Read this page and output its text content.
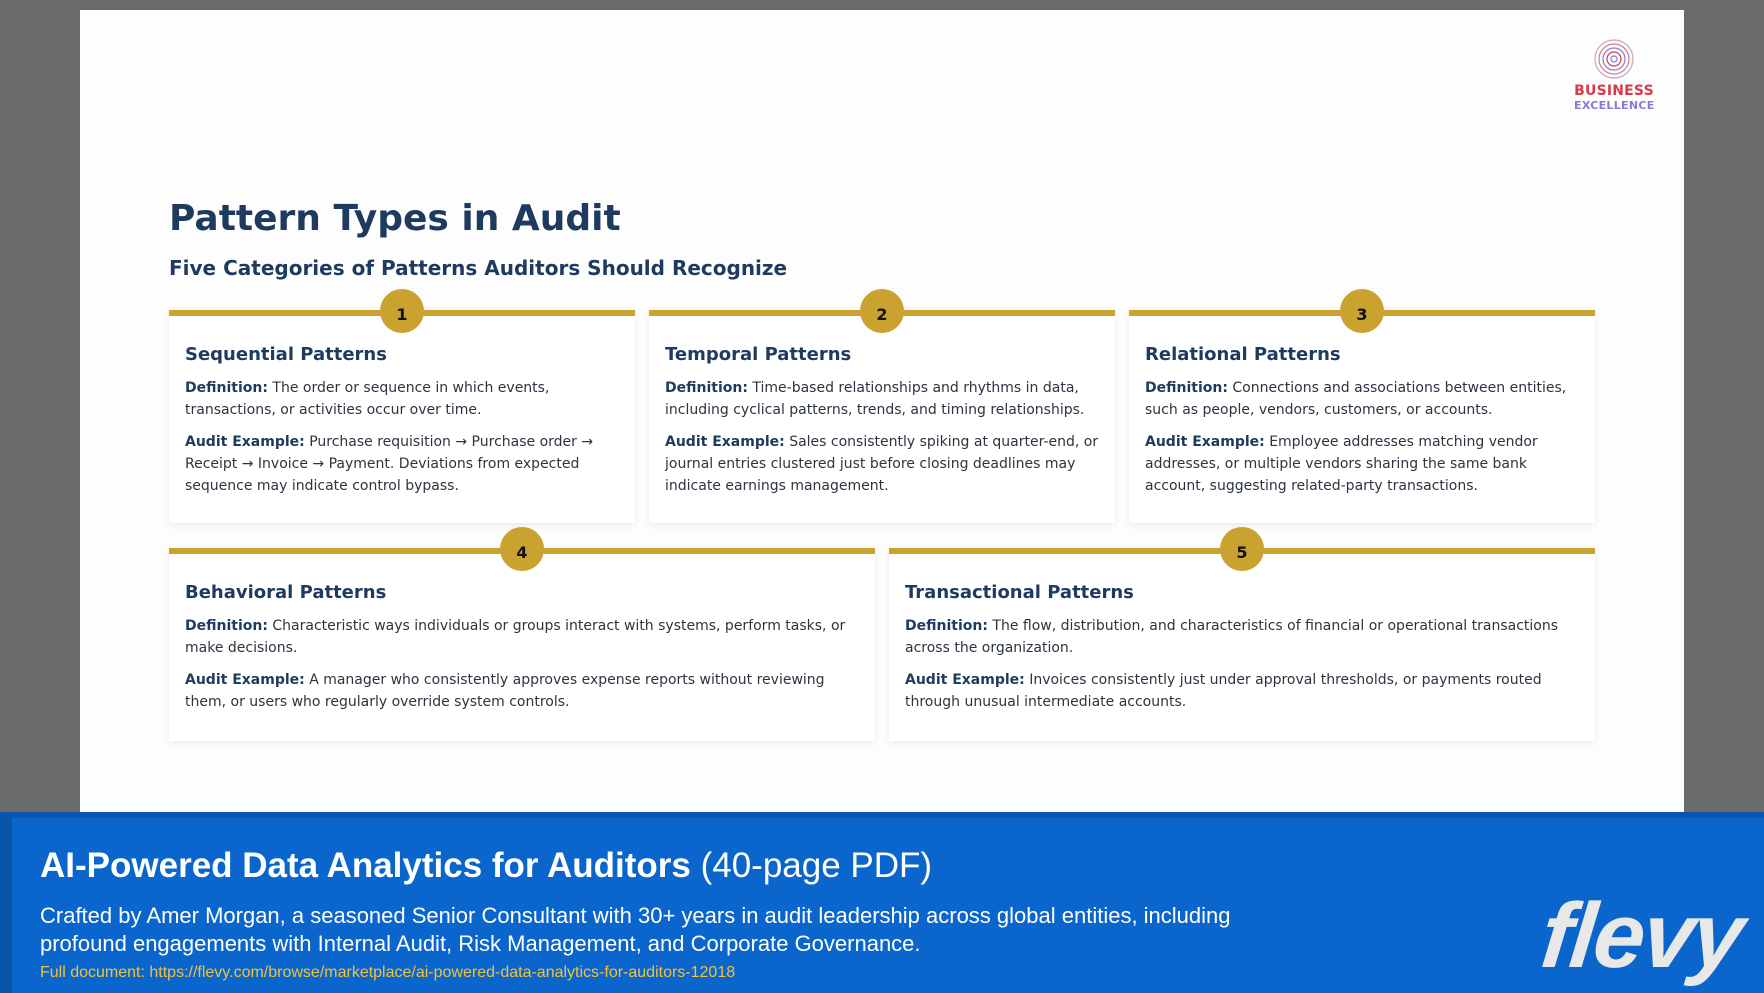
BUSINESS
EXCELLENCE
Pattern Types in Audit
Five Categories of Patterns Auditors Should Recognize
1
Sequential Patterns

Definition: The order or sequence in which events, transactions, or activities occur over time.

Audit Example: Purchase requisition → Purchase order → Receipt → Invoice → Payment. Deviations from expected sequence may indicate control bypass.

2
Temporal Patterns

Definition: Time-based relationships and rhythms in data, including cyclical patterns, trends, and timing relationships.

Audit Example: Sales consistently spiking at quarter-end, or journal entries clustered just before closing deadlines may indicate earnings management.

3
Relational Patterns

Definition: Connections and associations between entities, such as people, vendors, customers, or accounts.

Audit Example: Employee addresses matching vendor addresses, or multiple vendors sharing the same bank account, suggesting related-party transactions.

4
Behavioral Patterns

Definition: Characteristic ways individuals or groups interact with systems, perform tasks, or make decisions.

Audit Example: A manager who consistently approves expense reports without reviewing them, or users who regularly override system controls.

5
Transactional Patterns

Definition: The flow, distribution, and characteristics of financial or operational transactions across the organization.

Audit Example: Invoices consistently just under approval thresholds, or payments routed through unusual intermediate accounts.

AI-Powered Data Analytics for Auditors (40-page PDF)
Crafted by Amer Morgan, a seasoned Senior Consultant with 30+ years in audit leadership across global entities, including profound engagements with Internal Audit, Risk Management, and Corporate Governance.
Full document: https://flevy.com/browse/marketplace/ai-powered-data-analytics-for-auditors-12018	flevy
